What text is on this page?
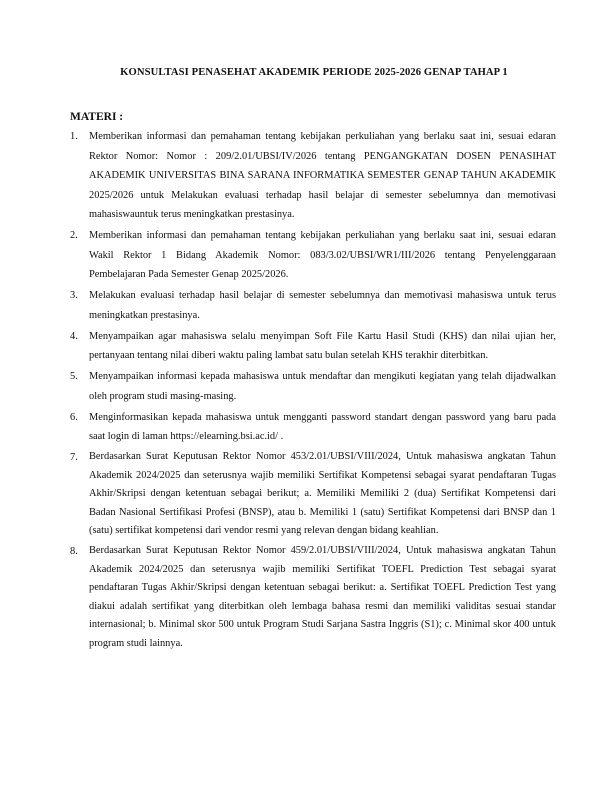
KONSULTASI PENASEHAT AKADEMIK PERIODE 2025-2026 GENAP TAHAP 1
MATERI :
1.	Memberikan informasi dan pemahaman tentang kebijakan perkuliahan yang berlaku saat ini, sesuai edaran Rektor Nomor: Nomor : 209/2.01/UBSI/IV/2026 tentang PENGANGKATAN DOSEN PENASIHAT AKADEMIK UNIVERSITAS BINA SARANA INFORMATIKA SEMESTER GENAP TAHUN AKADEMIK 2025/2026 untuk Melakukan evaluasi terhadap hasil belajar di semester sebelumnya dan memotivasi mahasiswauntuk terus meningkatkan prestasinya.
2.	Memberikan informasi dan pemahaman tentang kebijakan perkuliahan yang berlaku saat ini, sesuai edaran Wakil Rektor 1 Bidang Akademik Nomor: 083/3.02/UBSI/WR1/III/2026 tentang Penyelenggaraan Pembelajaran Pada Semester Genap 2025/2026.
3.	Melakukan evaluasi terhadap hasil belajar di semester sebelumnya dan memotivasi mahasiswa untuk terus meningkatkan prestasinya.
4.	Menyampaikan agar mahasiswa selalu menyimpan Soft File Kartu Hasil Studi (KHS) dan nilai ujian her, pertanyaan tentang nilai diberi waktu paling lambat satu bulan setelah KHS terakhir diterbitkan.
5.	Menyampaikan informasi kepada mahasiswa untuk mendaftar dan mengikuti kegiatan yang telah dijadwalkan oleh program studi masing-masing.
6.	Menginformasikan kepada mahasiswa untuk mengganti password standart dengan password yang baru pada saat login di laman https://elearning.bsi.ac.id/ .
7.	Berdasarkan Surat Keputusan Rektor Nomor 453/2.01/UBSI/VIII/2024, Untuk mahasiswa angkatan Tahun Akademik 2024/2025 dan seterusnya wajib memiliki Sertifikat Kompetensi sebagai syarat pendaftaran Tugas Akhir/Skripsi dengan ketentuan sebagai berikut; a. Memiliki Memiliki 2 (dua) Sertifikat Kompetensi dari Badan Nasional Sertifikasi Profesi (BNSP), atau b. Memiliki 1 (satu) Sertifikat Kompetensi dari BNSP dan 1 (satu) sertifikat kompetensi dari vendor resmi yang relevan dengan bidang keahlian.
8.	Berdasarkan Surat Keputusan Rektor Nomor 459/2.01/UBSI/VIII/2024, Untuk mahasiswa angkatan Tahun Akademik 2024/2025 dan seterusnya wajib memiliki Sertifikat TOEFL Prediction Test sebagai syarat pendaftaran Tugas Akhir/Skripsi dengan ketentuan sebagai berikut: a. Sertifikat TOEFL Prediction Test yang diakui adalah sertifikat yang diterbitkan oleh lembaga bahasa resmi dan memiliki validitas sesuai standar internasional; b. Minimal skor 500 untuk Program Studi Sarjana Sastra Inggris (S1); c. Minimal skor 400 untuk program studi lainnya.
